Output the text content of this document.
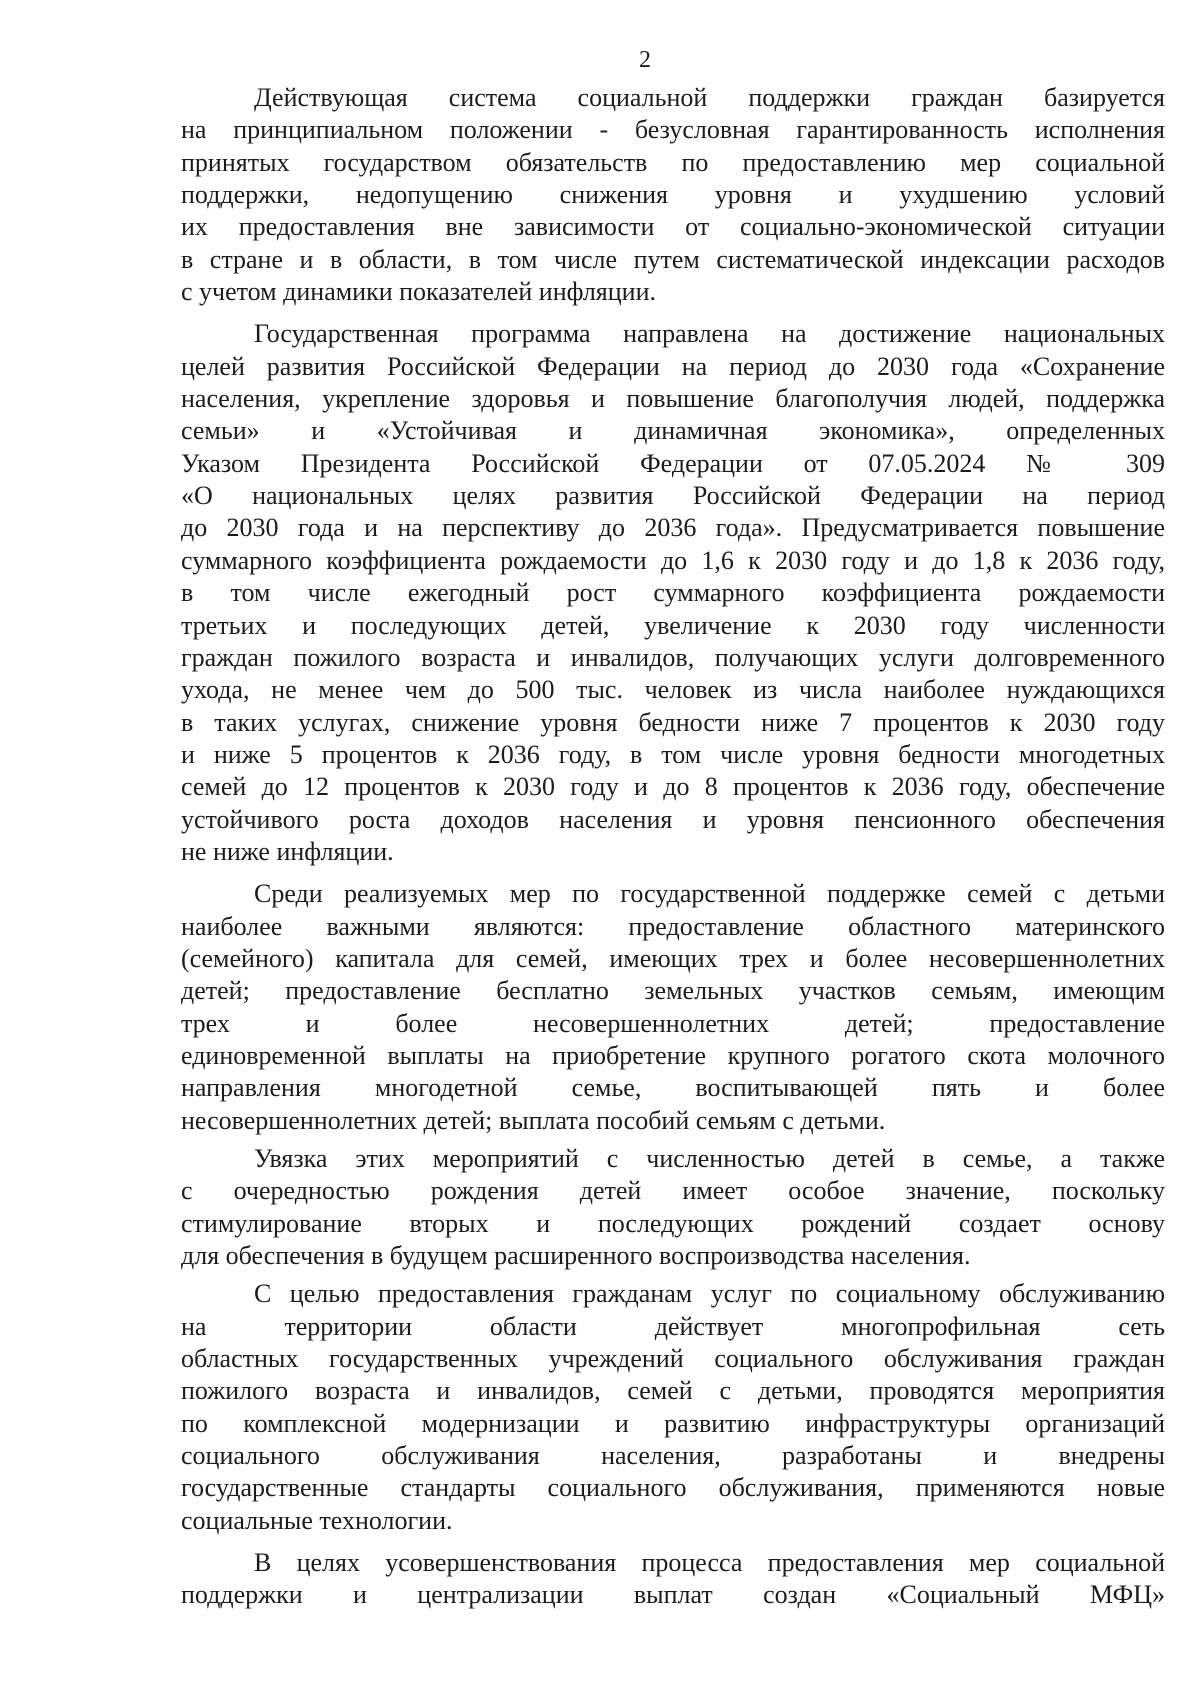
2
Действующая система социальной поддержки граждан базируется
на принципиальном положении - безусловная гарантированность исполнения
принятых государством обязательств по предоставлению мер социальной
поддержки, недопущению снижения уровня и ухудшению условий
их предоставления вне зависимости от социально-экономической ситуации
в стране и в области, в том числе путем систематической индексации расходов
с учетом динамики показателей инфляции.
Государственная программа направлена на достижение национальных
целей развития Российской Федерации на период до 2030 года «Сохранение
населения, укрепление здоровья и повышение благополучия людей, поддержка
семьи» и «Устойчивая и динамичная экономика», определенных
Указом Президента Российской Федерации от 07.05.2024 № 309
«О национальных целях развития Российской Федерации на период
до 2030 года и на перспективу до 2036 года». Предусматривается повышение
суммарного коэффициента рождаемости до 1,6 к 2030 году и до 1,8 к 2036 году,
в том числе ежегодный рост суммарного коэффициента рождаемости
третьих и последующих детей, увеличение к 2030 году численности
граждан пожилого возраста и инвалидов, получающих услуги долговременного
ухода, не менее чем до 500 тыс. человек из числа наиболее нуждающихся
в таких услугах, снижение уровня бедности ниже 7 процентов к 2030 году
и ниже 5 процентов к 2036 году, в том числе уровня бедности многодетных
семей до 12 процентов к 2030 году и до 8 процентов к 2036 году, обеспечение
устойчивого роста доходов населения и уровня пенсионного обеспечения
не ниже инфляции.
Среди реализуемых мер по государственной поддержке семей с детьми
наиболее важными являются: предоставление областного материнского
(семейного) капитала для семей, имеющих трех и более несовершеннолетних
детей; предоставление бесплатно земельных участков семьям, имеющим
трех и более несовершеннолетних детей; предоставление
единовременной выплаты на приобретение крупного рогатого скота молочного
направления многодетной семье, воспитывающей пять и более
несовершеннолетних детей; выплата пособий семьям с детьми.
Увязка этих мероприятий с численностью детей в семье, а также
с очередностью рождения детей имеет особое значение, поскольку
стимулирование вторых и последующих рождений создает основу
для обеспечения в будущем расширенного воспроизводства населения.
С целью предоставления гражданам услуг по социальному обслуживанию
на территории области действует многопрофильная сеть
областных государственных учреждений социального обслуживания граждан
пожилого возраста и инвалидов, семей с детьми, проводятся мероприятия
по комплексной модернизации и развитию инфраструктуры организаций
социального обслуживания населения, разработаны и внедрены
государственные стандарты социального обслуживания, применяются новые
социальные технологии.
В целях усовершенствования процесса предоставления мер социальной
поддержки и централизации выплат создан «Социальный МФЦ»
